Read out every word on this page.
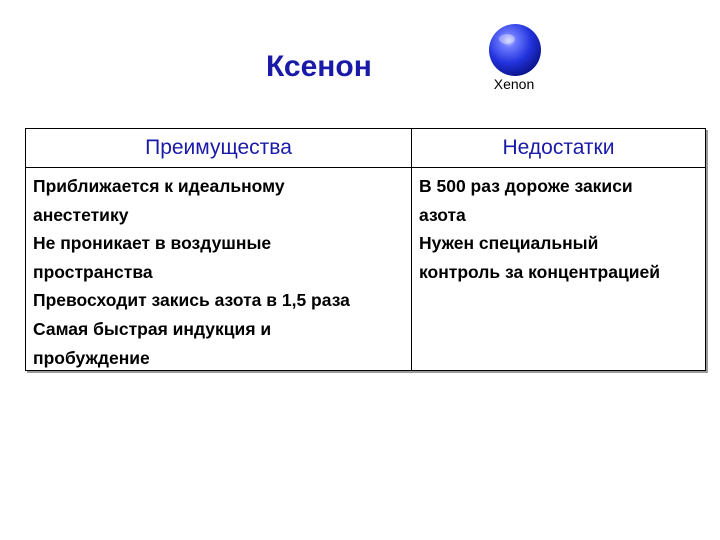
Ксенон
Xenon
Преимущества	Недостатки
Приближается к идеальному
анестетику
Не проникает в воздушные
пространства
Превосходит закись азота в 1,5 раза
Самая быстрая индукция и
пробуждение
В 500 раз дороже закиси
азота
Нужен специальный
контроль за концентрацией
